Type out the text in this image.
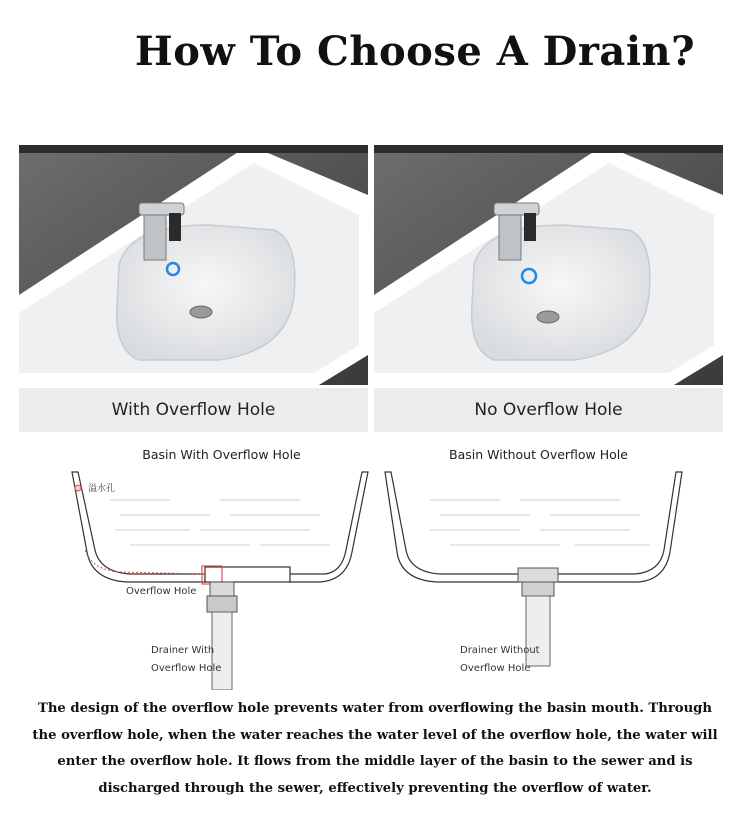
How To Choose A Drain?
With Overflow Hole	No Overflow Hole
Basin With Overflow Hole	Basin Without Overflow Hole
溢水孔
Overflow Hole
Drainer With
Overflow Hole
Drainer Without
Overflow Hole
The design of the overflow hole prevents water from overflowing the basin mouth. Through the overflow hole, when the water reaches the water level of the overflow hole, the water will enter the overflow hole. It flows from the middle layer of the basin to the sewer and is discharged through the sewer, effectively preventing the overflow of water.
